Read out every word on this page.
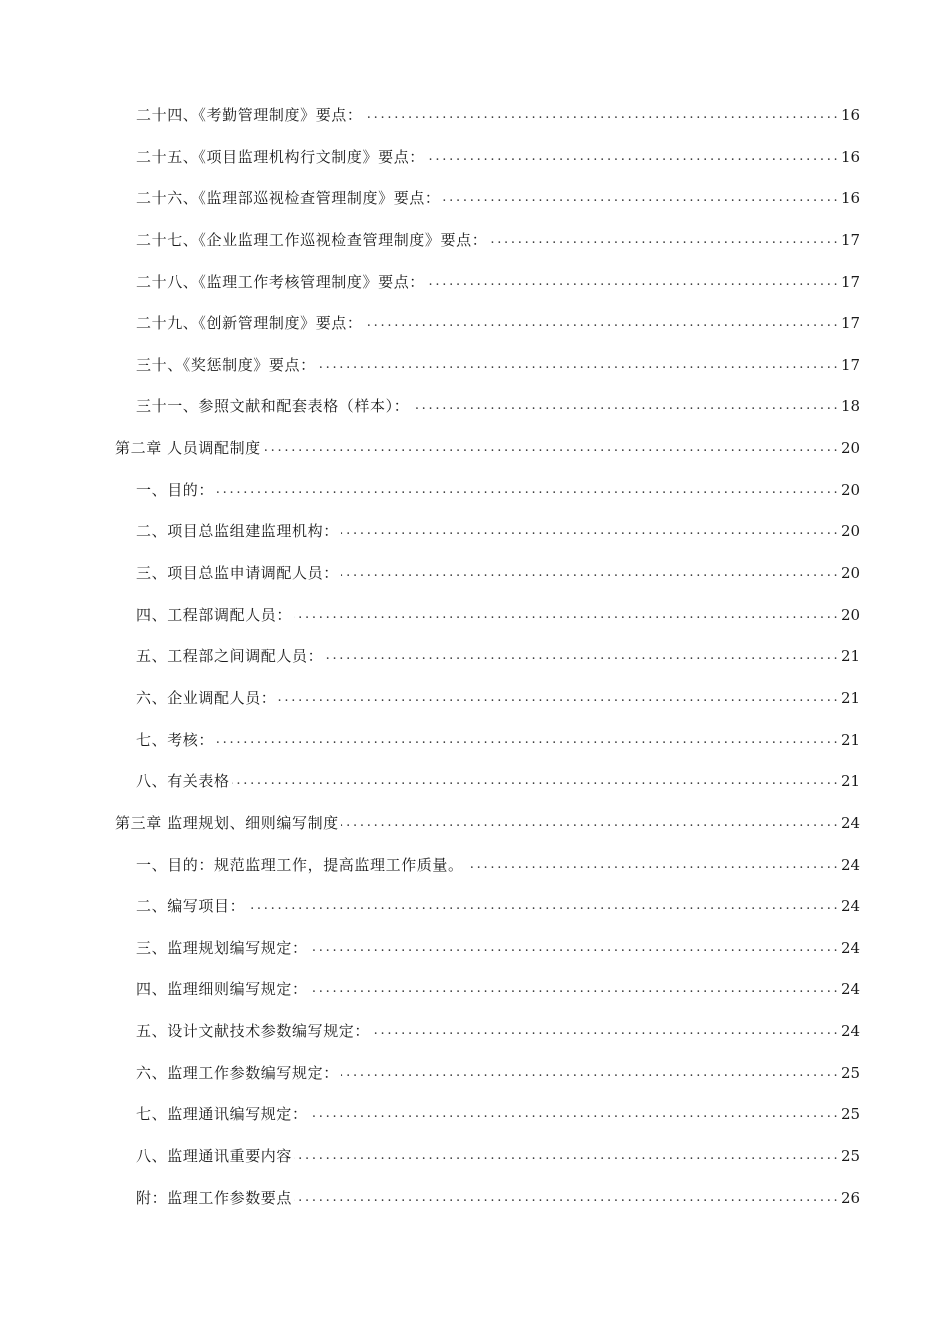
二十四、《考勤管理制度》要点： . . .	16
二十五、《项目监理机构行文制度》要点： . . .	16
二十六、《监理部巡视检查管理制度》要点： . . .	16
二十七、《企业监理工作巡视检查管理制度》要点： . . .	17
二十八、《监理工作考核管理制度》要点： . . .	17
二十九、《创新管理制度》要点： . . .	17
三十、《奖惩制度》要点： . . .	17
三十一、参照文献和配套表格（样本）： . . .	18
第二章 人员调配制度 . . .	20
一、目的： . . .	20
二、项目总监组建监理机构： . . .	20
三、项目总监申请调配人员： . . .	20
四、工程部调配人员： . . .	20
五、工程部之间调配人员： . . .	21
六、企业调配人员： . . .	21
七、考核： . . .	21
八、有关表格 . . .	21
第三章 监理规划、细则编写制度 . . .	24
一、目的：规范监理工作，提高监理工作质量。 . . .	24
二、编写项目： . . .	24
三、监理规划编写规定： . . .	24
四、监理细则编写规定： . . .	24
五、设计文献技术参数编写规定： . . .	24
六、监理工作参数编写规定： . . .	25
七、监理通讯编写规定： . . .	25
八、监理通讯重要内容 . . .	25
附：监理工作参数要点 . . .	26
